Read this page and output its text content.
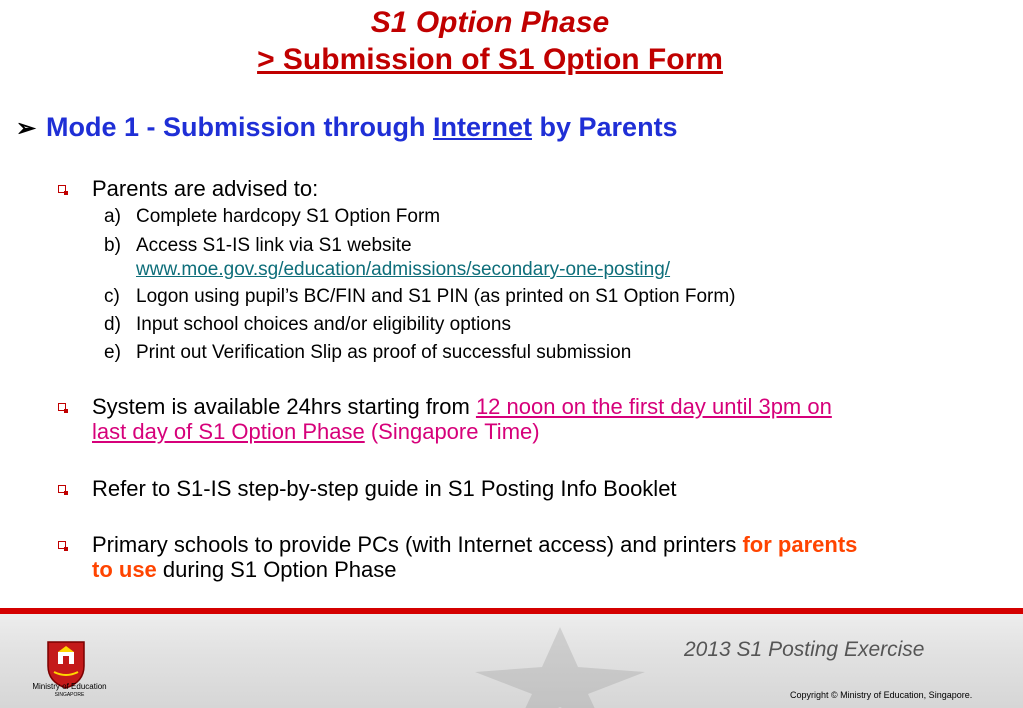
S1 Option Phase
> Submission of S1 Option Form
➢ Mode 1 - Submission through Internet by Parents
Parents are advised to:
a) Complete hardcopy S1 Option Form
b) Access S1-IS link via S1 website
www.moe.gov.sg/education/admissions/secondary-one-posting/
c) Logon using pupil’s BC/FIN and S1 PIN (as printed on S1 Option Form)
d) Input school choices and/or eligibility options
e) Print out Verification Slip as proof of successful submission
System is available 24hrs starting from 12 noon on the first day until 3pm on
last day of S1 Option Phase (Singapore Time)
Refer to S1-IS step-by-step guide in S1 Posting Info Booklet
Primary schools to provide PCs (with Internet access) and printers for parents
to use during S1 Option Phase
Ministry of Education
SINGAPORE
2013 S1 Posting Exercise
Copyright © Ministry of Education, Singapore.
